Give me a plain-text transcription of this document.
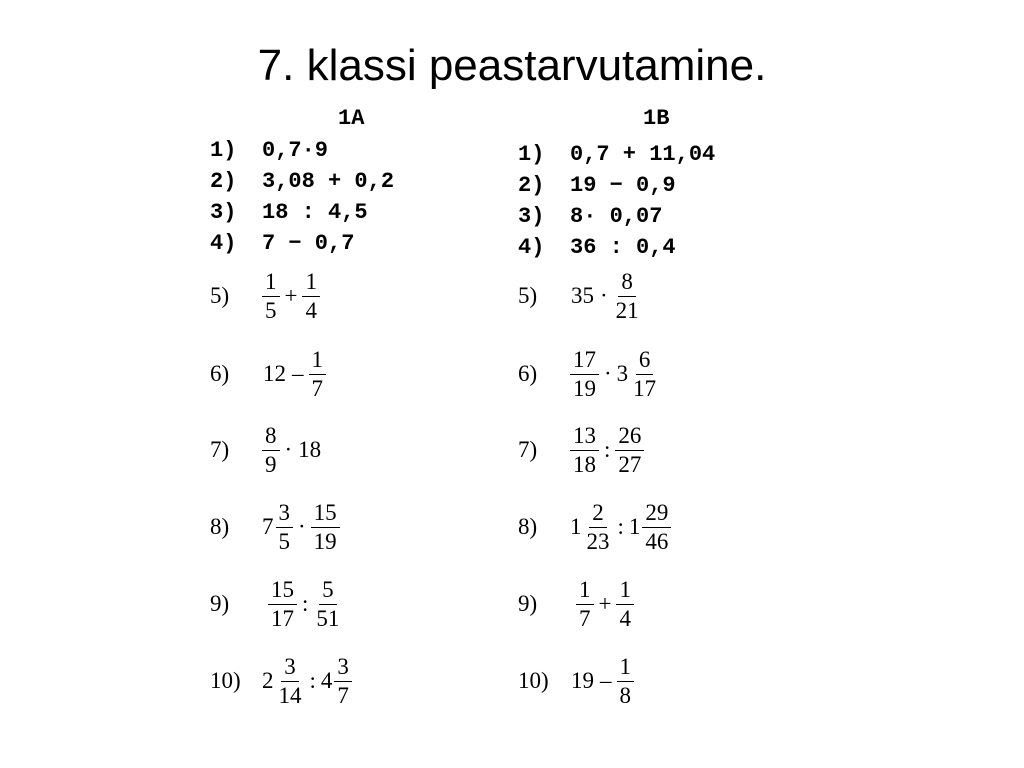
7. klassi peastarvutamine.
1A
1) 0,7·9
2) 3,08 + 0,2
3) 18 : 4,5
4) 7 − 0,7
5)	$\frac{1}{5} + \frac{1}{4}$
6)	$12 - \frac{1}{7}$
7)	$\frac{8}{9} \cdot 18$
8)	$7 \frac{3}{5} \cdot \frac{15}{19}$
9)	$\frac{15}{17}$ : $\frac{5}{51}$
10) $2 \frac{3}{14}$ : $4 \frac{3}{7}$
1B
1) 0,7 + 11,04
2) 19 − 0,9
3) 8· 0,07
4) 36 : 0,4
5)	$35 \cdot \frac{8}{21}$
6)	$\frac{17}{19} \cdot 3 \frac{6}{17}$
7)	$\frac{13}{18}$ : $\frac{26}{27}$
8)	$1 \frac{2}{23}$ : $1 \frac{29}{46}$
9)	$\frac{1}{7} + \frac{1}{4}$
10) $19 - \frac{1}{8}$
